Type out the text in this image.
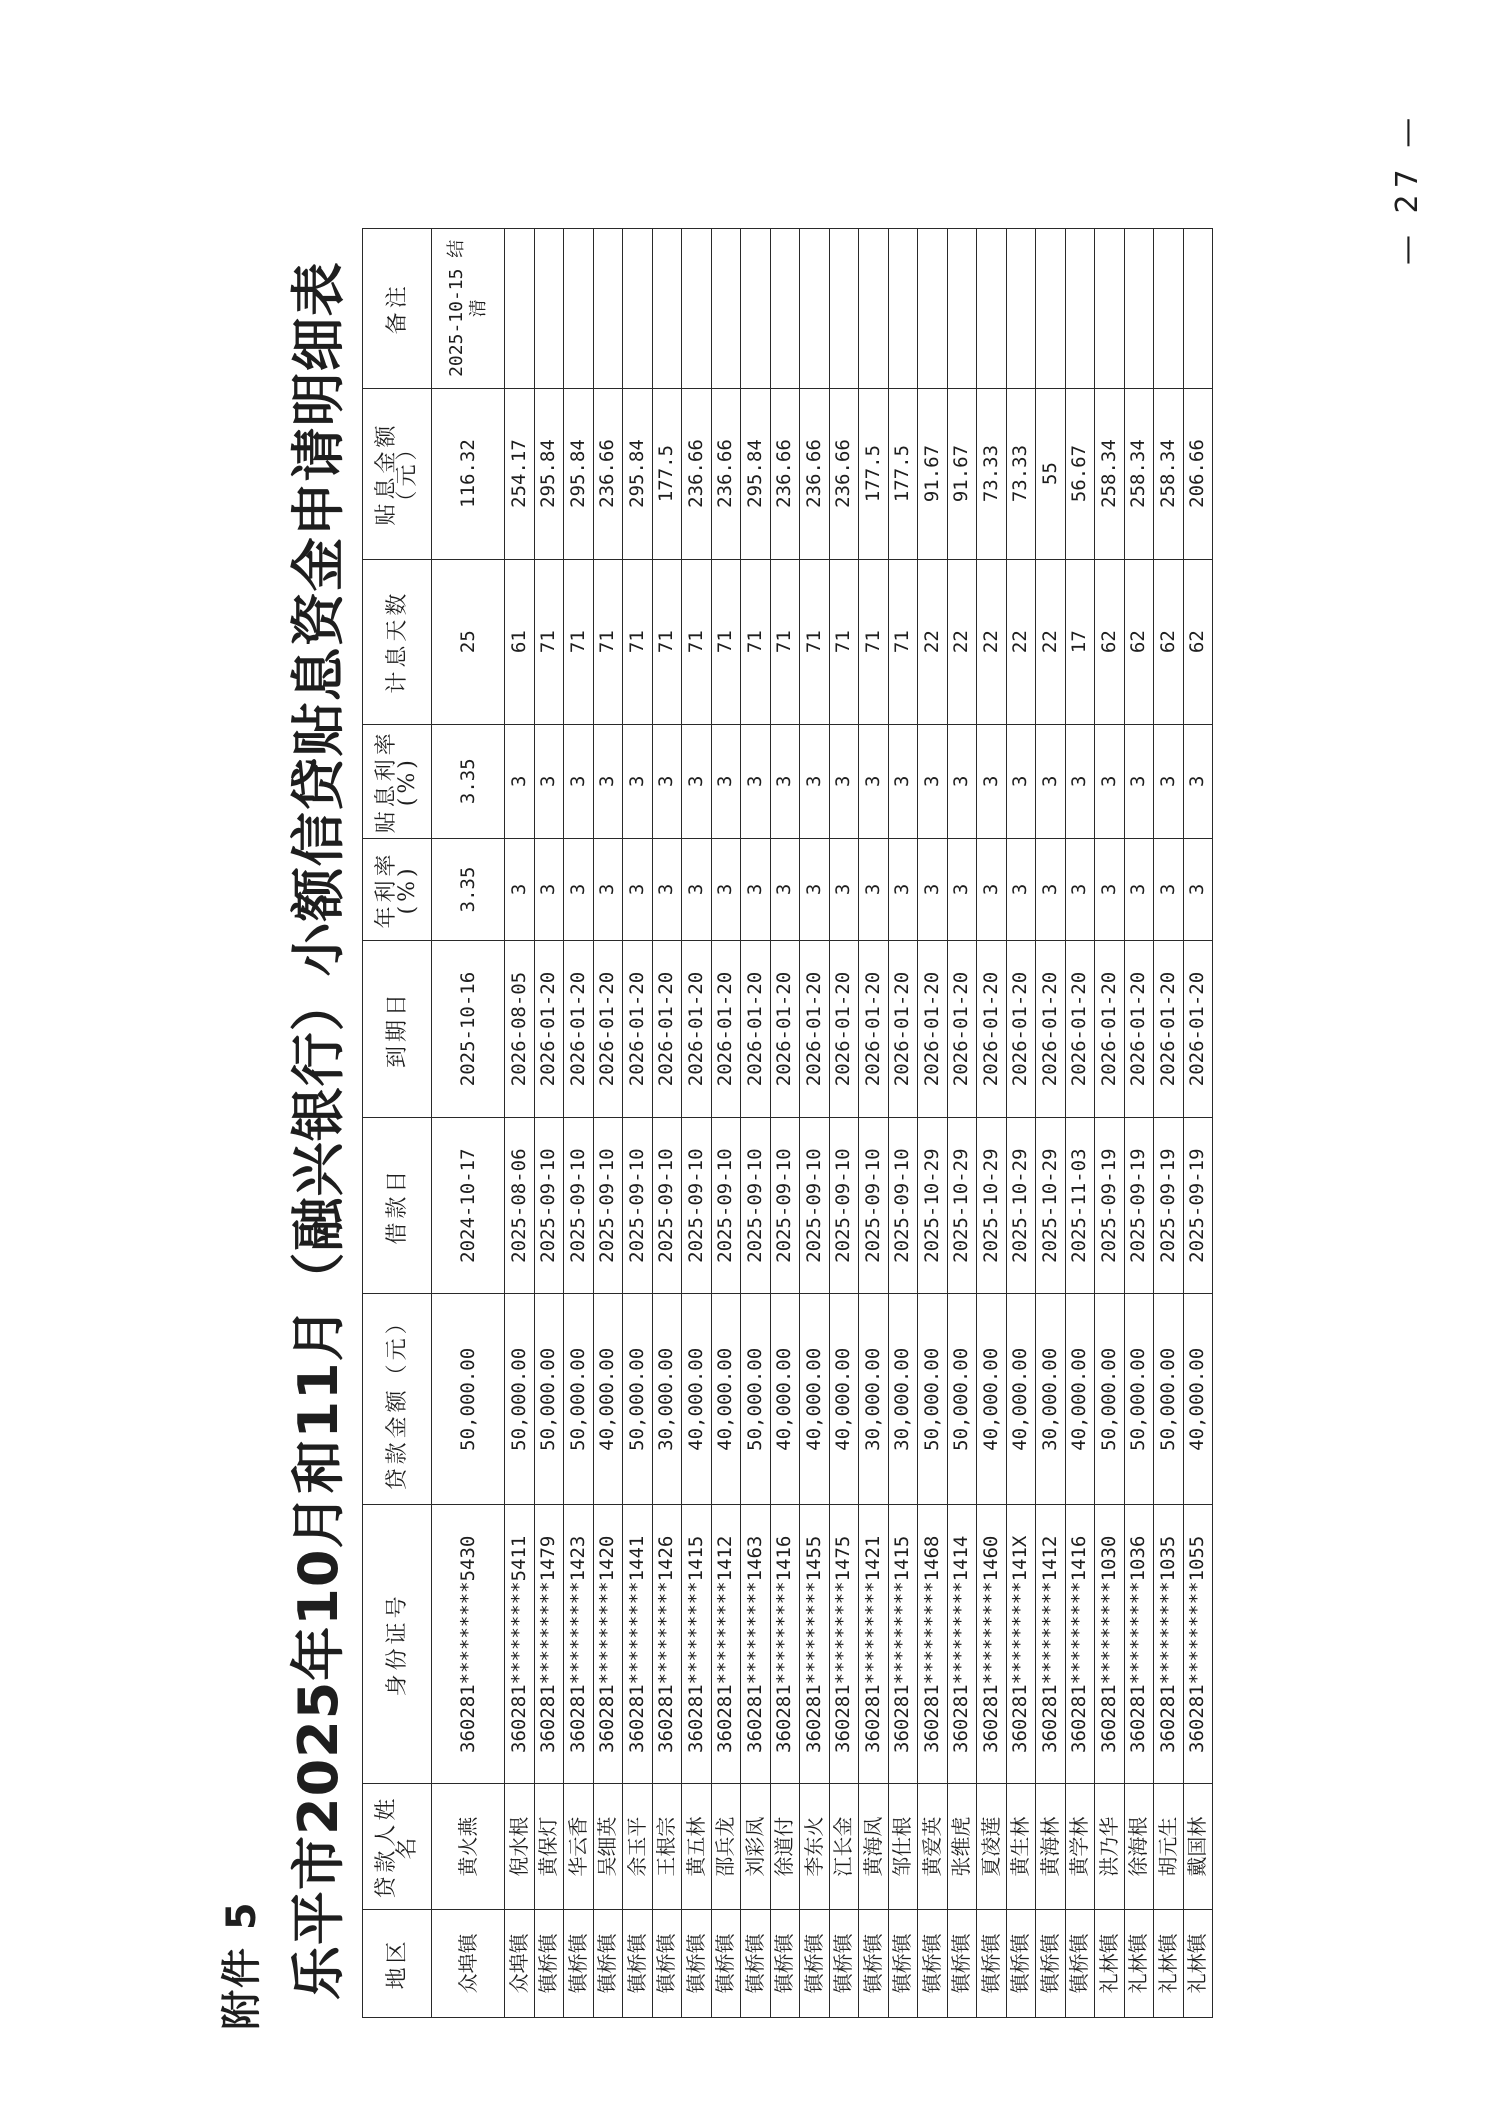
附件 5 乐平市2025年10月和11月（融兴银行）小额信贷贴息资金申请明细表 地区	贷款人姓名	身份证号	贷款金额（元）	借款日	到期日	年利率(%)	贴息利率(%)	计息天数	贴息金额（元）	备注
众埠镇	黄火燕	360281*********5430	50,000.00	2024-10-17	2025-10-16	3.35	3.35	25	116.32	2025-10-15 结清
众埠镇	倪水根	360281*********5411	50,000.00	2025-08-06	2026-08-05	3	3	61	254.17	
镇桥镇	黄保灯	360281*********1479	50,000.00	2025-09-10	2026-01-20	3	3	71	295.84	
镇桥镇	华云香	360281*********1423	50,000.00	2025-09-10	2026-01-20	3	3	71	295.84	
镇桥镇	吴细英	360281*********1420	40,000.00	2025-09-10	2026-01-20	3	3	71	236.66	
镇桥镇	余玉平	360281*********1441	50,000.00	2025-09-10	2026-01-20	3	3	71	295.84	
镇桥镇	王根宗	360281*********1426	30,000.00	2025-09-10	2026-01-20	3	3	71	177.5	
镇桥镇	黄五林	360281*********1415	40,000.00	2025-09-10	2026-01-20	3	3	71	236.66	
镇桥镇	邵兵龙	360281*********1412	40,000.00	2025-09-10	2026-01-20	3	3	71	236.66	
镇桥镇	刘彩凤	360281*********1463	50,000.00	2025-09-10	2026-01-20	3	3	71	295.84	
镇桥镇	徐道付	360281*********1416	40,000.00	2025-09-10	2026-01-20	3	3	71	236.66	
镇桥镇	李东火	360281*********1455	40,000.00	2025-09-10	2026-01-20	3	3	71	236.66	
镇桥镇	江长金	360281*********1475	40,000.00	2025-09-10	2026-01-20	3	3	71	236.66	
镇桥镇	黄海凤	360281*********1421	30,000.00	2025-09-10	2026-01-20	3	3	71	177.5	
镇桥镇	邹仕根	360281*********1415	30,000.00	2025-09-10	2026-01-20	3	3	71	177.5	
镇桥镇	黄爱英	360281*********1468	50,000.00	2025-10-29	2026-01-20	3	3	22	91.67	
镇桥镇	张维虎	360281*********1414	50,000.00	2025-10-29	2026-01-20	3	3	22	91.67	
镇桥镇	夏凌莲	360281*********1460	40,000.00	2025-10-29	2026-01-20	3	3	22	73.33	
镇桥镇	黄生林	360281*********141X	40,000.00	2025-10-29	2026-01-20	3	3	22	73.33	
镇桥镇	黄海林	360281*********1412	30,000.00	2025-10-29	2026-01-20	3	3	22	55	
镇桥镇	黄学林	360281*********1416	40,000.00	2025-11-03	2026-01-20	3	3	17	56.67	
礼林镇	洪乃华	360281*********1030	50,000.00	2025-09-19	2026-01-20	3	3	62	258.34	
礼林镇	徐海根	360281*********1036	50,000.00	2025-09-19	2026-01-20	3	3	62	258.34	
礼林镇	胡元生	360281*********1035	50,000.00	2025-09-19	2026-01-20	3	3	62	258.34	
礼林镇	戴国林	360281*********1055	40,000.00	2025-09-19	2026-01-20	3	3	62	206.66	
— 27 —
